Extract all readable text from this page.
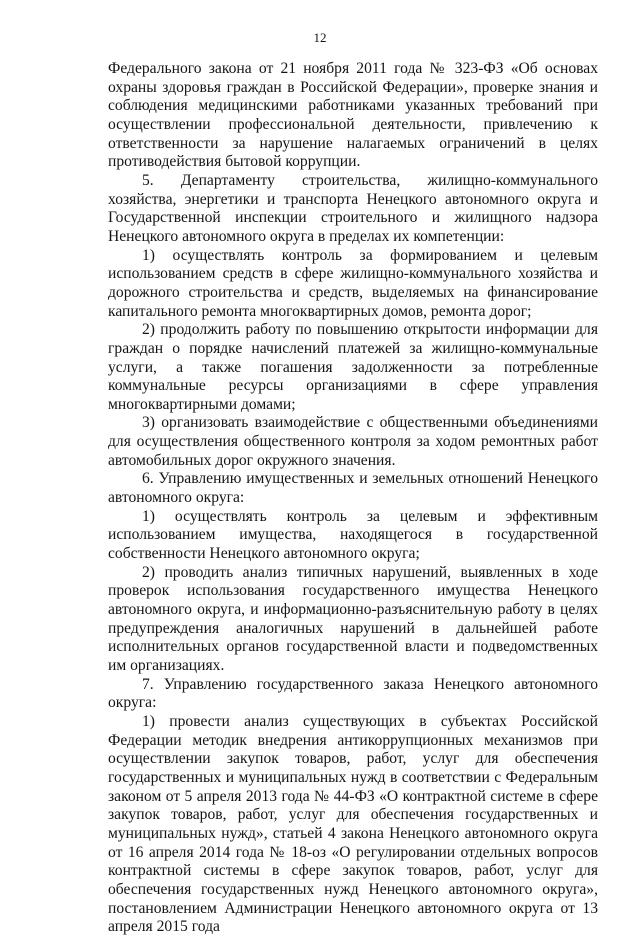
12

Федерального закона от 21 ноября 2011 года № 323-ФЗ «Об основах охраны здоровья граждан в Российской Федерации», проверке знания и соблюдения медицинскими работниками указанных требований при осуществлении профессиональной деятельности, привлечению к ответственности за нарушение налагаемых ограничений в целях противодействия бытовой коррупции.

5. Департаменту строительства, жилищно-коммунального хозяйства, энергетики и транспорта Ненецкого автономного округа и Государственной инспекции строительного и жилищного надзора Ненецкого автономного округа в пределах их компетенции:

1) осуществлять контроль за формированием и целевым использованием средств в сфере жилищно-коммунального хозяйства и дорожного строительства и средств, выделяемых на финансирование капитального ремонта многоквартирных домов, ремонта дорог;

2) продолжить работу по повышению открытости информации для граждан о порядке начислений платежей за жилищно-коммунальные услуги, а также погашения задолженности за потребленные коммунальные ресурсы организациями в сфере управления многоквартирными домами;

3) организовать взаимодействие с общественными объединениями для осуществления общественного контроля за ходом ремонтных работ автомобильных дорог окружного значения.

6. Управлению имущественных и земельных отношений Ненецкого автономного округа:

1) осуществлять контроль за целевым и эффективным использованием имущества, находящегося в государственной собственности Ненецкого автономного округа;

2) проводить анализ типичных нарушений, выявленных в ходе проверок использования государственного имущества Ненецкого автономного округа, и информационно-разъяснительную работу в целях предупреждения аналогичных нарушений в дальнейшей работе исполнительных органов государственной власти и подведомственных им организациях.

7. Управлению государственного заказа Ненецкого автономного округа:

1) провести анализ существующих в субъектах Российской Федерации методик внедрения антикоррупционных механизмов при осуществлении закупок товаров, работ, услуг для обеспечения государственных и муниципальных нужд в соответствии с Федеральным законом от 5 апреля 2013 года № 44-ФЗ «О контрактной системе в сфере закупок товаров, работ, услуг для обеспечения государственных и муниципальных нужд», статьей 4 закона Ненецкого автономного округа от 16 апреля 2014 года № 18-оз «О регулировании отдельных вопросов контрактной системы в сфере закупок товаров, работ, услуг для обеспечения государственных нужд Ненецкого автономного округа», постановлением Администрации Ненецкого автономного округа от 13 апреля 2015 года
